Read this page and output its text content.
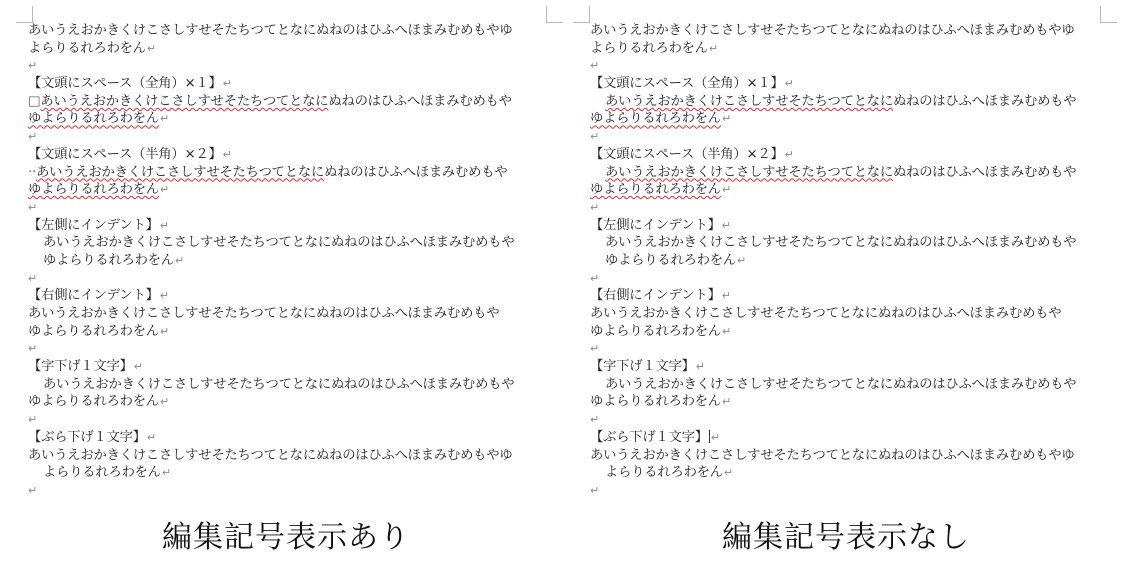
あいうえおかきくけこさしすせそたちつてとなにぬねのはひふへほまみむめもやゆ
よらりるれろわをん↵
↵
【文頭にスペース（全角）×１】↵
□あいうえおかきくけこさしすせそたちつてとなにぬねのはひふへほまみむめもや
ゆよらりるれろわをん↵
↵
【文頭にスペース（半角）×２】↵
··あいうえおかきくけこさしすせそたちつてとなにぬねのはひふへほまみむめもや
ゆよらりるれろわをん↵
↵
【左側にインデント】↵
あいうえおかきくけこさしすせそたちつてとなにぬねのはひふへほまみむめもや
ゆよらりるれろわをん↵
↵
【右側にインデント】↵
あいうえおかきくけこさしすせそたちつてとなにぬねのはひふへほまみむめもや
ゆよらりるれろわをん↵
↵
【字下げ１文字】↵
あいうえおかきくけこさしすせそたちつてとなにぬねのはひふへほまみむめもや
ゆよらりるれろわをん↵
↵
【ぶら下げ１文字】↵
あいうえおかきくけこさしすせそたちつてとなにぬねのはひふへほまみむめもやゆ
よらりるれろわをん↵
↵
あいうえおかきくけこさしすせそたちつてとなにぬねのはひふへほまみむめもやゆ
よらりるれろわをん↵
↵
【文頭にスペース（全角）×１】↵
あいうえおかきくけこさしすせそたちつてとなにぬねのはひふへほまみむめもや
ゆよらりるれろわをん↵
↵
【文頭にスペース（半角）×２】↵
あいうえおかきくけこさしすせそたちつてとなにぬねのはひふへほまみむめもや
ゆよらりるれろわをん↵
↵
【左側にインデント】↵
あいうえおかきくけこさしすせそたちつてとなにぬねのはひふへほまみむめもや
ゆよらりるれろわをん↵
↵
【右側にインデント】↵
あいうえおかきくけこさしすせそたちつてとなにぬねのはひふへほまみむめもや
ゆよらりるれろわをん↵
↵
【字下げ１文字】↵
あいうえおかきくけこさしすせそたちつてとなにぬねのはひふへほまみむめもや
ゆよらりるれろわをん↵
↵
【ぶら下げ１文字】 ↵
あいうえおかきくけこさしすせそたちつてとなにぬねのはひふへほまみむめもやゆ
よらりるれろわをん↵
↵
編集記号表示あり	編集記号表示なし
